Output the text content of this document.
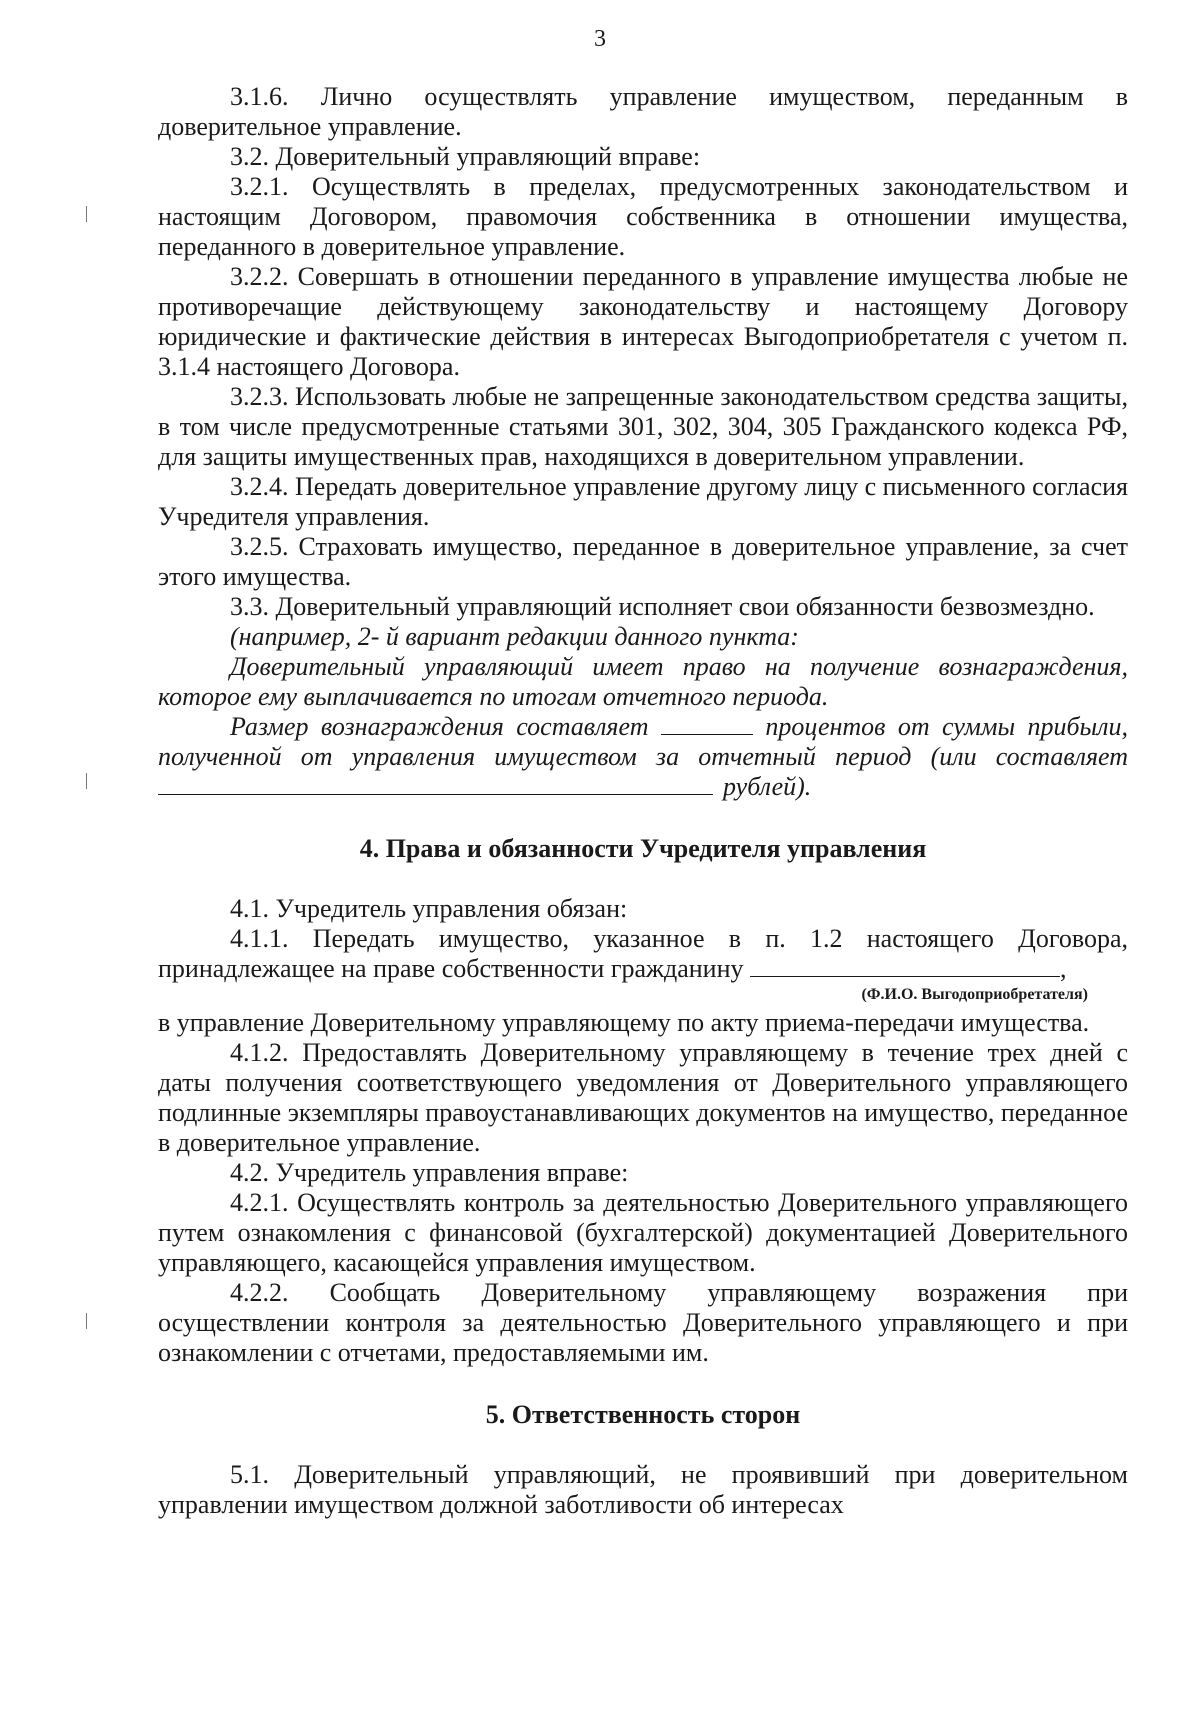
3

3.1.6. Лично осуществлять управление имуществом, переданным в доверительное управление.

3.2. Доверительный управляющий вправе:

3.2.1. Осуществлять в пределах, предусмотренных законодательством и настоящим Договором, правомочия собственника в отношении имущества, переданного в доверительное управление.

3.2.2. Совершать в отношении переданного в управление имущества любые не противоречащие действующему законодательству и настоящему Договору юридические и фактические действия в интересах Выгодоприобретателя с учетом п. 3.1.4 настоящего Договора.

3.2.3. Использовать любые не запрещенные законодательством средства защиты, в том числе предусмотренные статьями 301, 302, 304, 305 Гражданского кодекса РФ, для защиты имущественных прав, находящихся в доверительном управлении.

3.2.4. Передать доверительное управление другому лицу с письменного согласия Учредителя управления.

3.2.5. Страховать имущество, переданное в доверительное управление, за счет этого имущества.

3.3. Доверительный управляющий исполняет свои обязанности безвозмездно.

(например, 2- й вариант редакции данного пункта:

Доверительный управляющий имеет право на получение вознаграждения, которое ему выплачивается по итогам отчетного периода.

Размер вознаграждения составляет	процентов от суммы прибыли, полученной от управления имуществом за отчетный период (или составляет рублей).

4. Права и обязанности Учредителя управления

4.1. Учредитель управления обязан:

4.1.1. Передать имущество, указанное в п. 1.2 настоящего Договора, принадлежащее на праве собственности гражданину	,

(Ф.И.О. Выгодоприобретателя)

в управление Доверительному управляющему по акту приема-передачи имущества.

4.1.2. Предоставлять Доверительному управляющему в течение трех дней с даты получения соответствующего уведомления от Доверительного управляющего подлинные экземпляры правоустанавливающих документов на имущество, переданное в доверительное управление.

4.2. Учредитель управления вправе:

4.2.1. Осуществлять контроль за деятельностью Доверительного управляющего путем ознакомления с финансовой (бухгалтерской) документацией Доверительного управляющего, касающейся управления имуществом.

4.2.2. Сообщать Доверительному управляющему возражения при осуществлении контроля за деятельностью Доверительного управляющего и при ознакомлении с отчетами, предоставляемыми им.

5. Ответственность сторон

5.1. Доверительный управляющий, не проявивший при доверительном управлении имуществом должной заботливости об интересах
